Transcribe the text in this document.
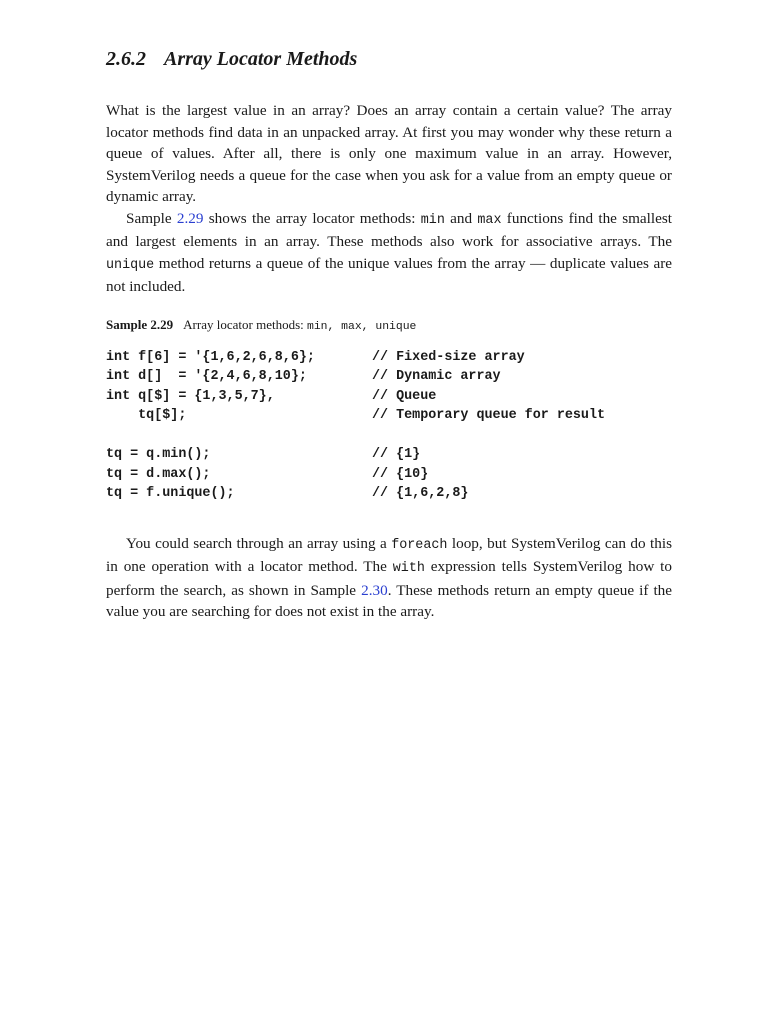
2.6.2 Array Locator Methods

What is the largest value in an array? Does an array contain a certain value? The array locator methods find data in an unpacked array. At first you may wonder why these return a queue of values. After all, there is only one maximum value in an array. However, SystemVerilog needs a queue for the case when you ask for a value from an empty queue or dynamic array.

Sample 2.29 shows the array locator methods: min and max functions find the smallest and largest elements in an array. These methods also work for associative arrays. The unique method returns a queue of the unique values from the array — duplicate values are not included.

Sample 2.29 Array locator methods: min, max, unique
int f[6] = '{1,6,2,6,8,6};	// Fixed-size array
int d[]  = '{2,4,6,8,10};	// Dynamic array
int q[$] = {1,3,5,7},	// Queue
tq[$];	// Temporary queue for result
tq = q.min();	// {1}
tq = d.max();	// {10}
tq = f.unique();	// {1,6,2,8}

You could search through an array using a foreach loop, but SystemVerilog can do this in one operation with a locator method. The with expression tells SystemVerilog how to perform the search, as shown in Sample 2.30. These methods return an empty queue if the value you are searching for does not exist in the array.
